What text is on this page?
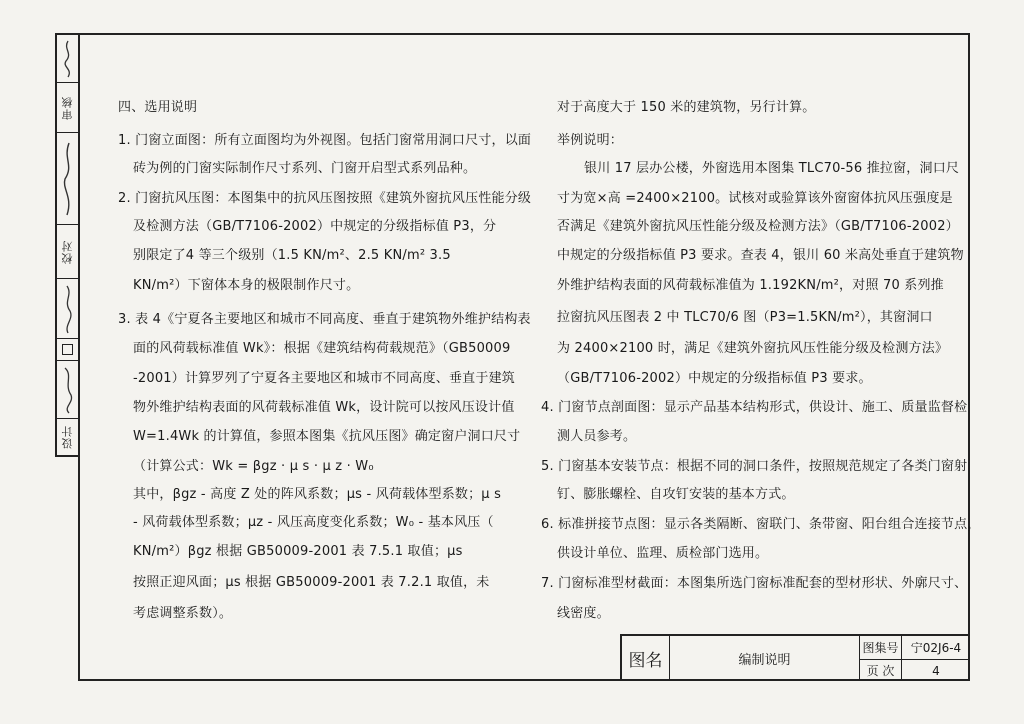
审核
校对
设计
四、选用说明
1. 门窗立面图：所有立面图均为外视图。包括门窗常用洞口尺寸，以面
砖为例的门窗实际制作尺寸系列、门窗开启型式系列品种。
2. 门窗抗风压图：本图集中的抗风压图按照《建筑外窗抗风压性能分级
及检测方法（GB/T7106-2002）中规定的分级指标值 P3，分
别限定了4 等三个级别（1.5 KN/m²、2.5 KN/m² 3.5
KN/m²）下窗体本身的极限制作尺寸。
3. 表 4《宁夏各主要地区和城市不同高度、垂直于建筑物外维护结构表
面的风荷载标准值 Wk》：根据《建筑结构荷载规范》（GB50009
-2001）计算罗列了宁夏各主要地区和城市不同高度、垂直于建筑
物外维护结构表面的风荷载标准值 Wk，设计院可以按风压设计值
W=1.4Wk 的计算值，参照本图集《抗风压图》确定窗户洞口尺寸
（计算公式：Wk = βgz · μ s · μ z · W₀
其中，βgz - 高度 Z 处的阵风系数；μs - 风荷载体型系数；μ s
- 风荷载体型系数；μz - 风压高度变化系数；W₀ - 基本风压（
KN/m²）βgz 根据 GB50009-2001 表 7.5.1 取值；μs
按照正迎风面；μs 根据 GB50009-2001 表 7.2.1 取值，未
考虑调整系数）。
对于高度大于 150 米的建筑物，另行计算。
举例说明：
银川 17 层办公楼，外窗选用本图集 TLC70-56 推拉窗，洞口尺
寸为宽×高 =2400×2100。试核对或验算该外窗窗体抗风压强度是
否满足《建筑外窗抗风压性能分级及检测方法》（GB/T7106-2002）
中规定的分级指标值 P3 要求。查表 4，银川 60 米高处垂直于建筑物
外维护结构表面的风荷载标准值为 1.192KN/m²，对照 70 系列推
拉窗抗风压图表 2 中 TLC70/6 图（P3=1.5KN/m²），其窗洞口
为 2400×2100 时，满足《建筑外窗抗风压性能分级及检测方法》
（GB/T7106-2002）中规定的分级指标值 P3 要求。
4. 门窗节点剖面图：显示产品基本结构形式，供设计、施工、质量监督检
测人员参考。
5. 门窗基本安装节点：根据不同的洞口条件，按照规范规定了各类门窗射
钉、膨胀螺栓、自攻钉安装的基本方式。
6. 标准拼接节点图：显示各类隔断、窗联门、条带窗、阳台组合连接节点，
供设计单位、监理、质检部门选用。
7. 门窗标准型材截面：本图集所选门窗标准配套的型材形状、外廓尺寸、
线密度。
图名	编制说明
图集号	宁02J6-4
页 次	4
